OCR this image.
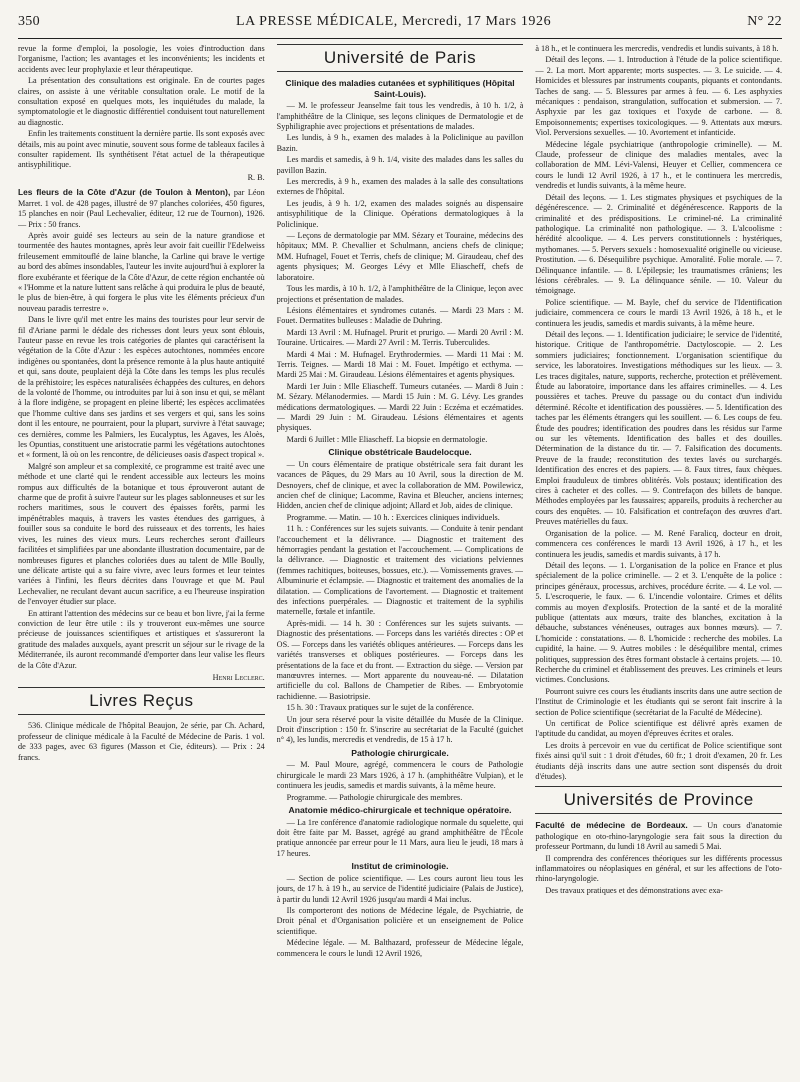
350	LA PRESSE MÉDICALE, Mercredi, 17 Mars 1926	N° 22

revue la forme d'emploi, la posologie, les voies d'introduction dans l'organisme, l'action; les avantages et les inconvénients; les incidents et accidents avec leur prophylaxie et leur thérapeutique.

La présentation des consultations est originale. En de courtes pages claires, on assiste à une véritable consultation orale. Le motif de la consultation exposé en quelques mots, les inquiétudes du malade, la symptomatologie et le diagnostic différentiel conduisent tout naturellement au diagnostic.

Enfin les traitements constituent la dernière partie. Ils sont exposés avec détails, mis au point avec minutie, souvent sous forme de tableaux faciles à consulter rapidement. Ils synthétisent l'état actuel de la thérapeutique antisyphilitique.

R. B.

Les fleurs de la Côte d'Azur (de Toulon à Menton), par Léon Marret. 1 vol. de 428 pages, illustré de 97 planches coloriées, 450 figures, 15 planches en noir (Paul Lechevalier, éditeur, 12 rue de Tournon), 1926. — Prix : 50 francs.

Après avoir guidé ses lecteurs au sein de la nature grandiose et tourmentée des hautes montagnes, après leur avoir fait cueillir l'Edelweiss frileusement emmitouflé de laine blanche, la Carline qui brave le vertige au bord des abîmes insondables, l'auteur les invite aujourd'hui à explorer la flore exubérante et féerique de la Côte d'Azur, de cette région enchantée où « l'Homme et la nature luttent sans relâche à qui produira le plus de beauté, le plus de bien-être, à qui forgera le plus vite les éléments précieux d'un nouveau paradis terrestre ».

Dans le livre qu'il met entre les mains des touristes pour leur servir de fil d'Ariane parmi le dédale des richesses dont leurs yeux sont éblouis, l'auteur passe en revue les trois catégories de plantes qui caractérisent la végétation de la Côte d'Azur : les espèces autochtones, nommées encore indigènes ou spontanées, dont la présence remonte à la plus haute antiquité et qui, sans doute, peuplaient déjà la Côte dans les temps les plus reculés de la préhistoire; les espèces naturalisées échappées des cultures, en dehors de la volonté de l'homme, ou introduites par lui à son insu et qui, se mêlant à la flore indigène, se propagent en pleine liberté; les espèces acclimatées que l'homme cultive dans ses jardins et ses vergers et qui, sans les soins dont il les entoure, ne pourraient, pour la plupart, survivre à l'état sauvage; ces dernières, comme les Palmiers, les Eucalyptus, les Agaves, les Aloès, les Opuntias, constituent une aristocratie parmi les végétations autochtones et « forment, là où on les rencontre, de délicieuses oasis d'aspect tropical ».

Malgré son ampleur et sa complexité, ce programme est traité avec une méthode et une clarté qui le rendent accessible aux lecteurs les moins rompus aux difficultés de la botanique et tous éprouveront autant de charme que de profit à suivre l'auteur sur les plages sablonneuses et sur les rochers maritimes, sous le couvert des épaisses forêts, parmi les impénétrables maquis, à travers les vastes étendues des garrigues, à fouiller sous sa conduite le bord des ruisseaux et des torrents, les haies vives, les ruines des vieux murs. Leurs recherches seront d'ailleurs facilitées et simplifiées par une abondante illustration documentaire, par de nombreuses figures et planches coloriées dues au talent de Mlle Boully, une délicate artiste qui a su faire vivre, avec leurs formes et leur teintes variées à l'infini, les fleurs décrites dans l'ouvrage et que M. Paul Lechevalier, ne reculant devant aucun sacrifice, a eu l'heureuse inspiration de l'envoyer étudier sur place.

En attirant l'attention des médecins sur ce beau et bon livre, j'ai la ferme conviction de leur être utile : ils y trouveront eux-mêmes une source précieuse de jouissances scientifiques et artistiques et s'assureront la gratitude des malades auxquels, ayant prescrit un séjour sur le rivage de la Méditerranée, ils auront recommandé d'emporter dans leur valise les fleurs de la Côte d'Azur.

Henri Leclerc.
Livres Reçus

536. Clinique médicale de l'hôpital Beaujon, 2e série, par Ch. Achard, professeur de clinique médicale à la Faculté de Médecine de Paris. 1 vol. de 333 pages, avec 63 figures (Masson et Cie, éditeurs). — Prix : 24 francs.

Université de Paris
Clinique des maladies cutanées et syphilitiques (Hôpital Saint-Louis).

— M. le professeur Jeanselme fait tous les vendredis, à 10 h. 1/2, à l'amphithéâtre de la Clinique, ses leçons cliniques de Dermatologie et de Syphiligraphie avec projections et présentations de malades.

Les lundis, à 9 h., examen des malades à la Policlinique au pavillon Bazin.

Les mardis et samedis, à 9 h. 1/4, visite des malades dans les salles du pavillon Bazin.

Les mercredis, à 9 h., examen des malades à la salle des consultations externes de l'hôpital.

Les jeudis, à 9 h. 1/2, examen des malades soignés au dispensaire antisyphilitique de la Clinique. Opérations dermatologiques à la Policlinique.

— Leçons de dermatologie par MM. Sézary et Touraine, médecins des hôpitaux; MM. P. Chevallier et Schulmann, anciens chefs de clinique; MM. Hufnagel, Fouet et Terris, chefs de clinique; M. Giraudeau, chef des agents physiques; M. Georges Lévy et Mlle Eliascheff, chefs de laboratoire.

Tous les mardis, à 10 h. 1/2, à l'amphithéâtre de la Clinique, leçon avec projections et présentation de malades.

Lésions élémentaires et syndromes cutanés. — Mardi 23 Mars : M. Fouet. Dermatites bulleuses : Maladie de Duhring.

Mardi 13 Avril : M. Hufnagel. Prurit et prurigo. — Mardi 20 Avril : M. Touraine. Urticaires. — Mardi 27 Avril : M. Terris. Tuberculides.

Mardi 4 Mai : M. Hufnagel. Erythrodermies. — Mardi 11 Mai : M. Terris. Teignes. — Mardi 18 Mai : M. Fouet. Impétigo et ecthyma. — Mardi 25 Mai : M. Giraudeau. Lésions élémentaires et agents physiques.

Mardi 1er Juin : Mlle Eliascheff. Tumeurs cutanées. — Mardi 8 Juin : M. Sézary. Mélanodermies. — Mardi 15 Juin : M. G. Lévy. Les grandes médications dermatologiques. — Mardi 22 Juin : Eczéma et eczématides. — Mardi 29 Juin : M. Giraudeau. Lésions élémentaires et agents physiques.

Mardi 6 Juillet : Mlle Eliascheff. La biopsie en dermatologie.

Clinique obstétricale Baudelocque.

— Un cours élémentaire de pratique obstétricale sera fait durant les vacances de Pâques, du 29 Mars au 10 Avril, sous la direction de M. Desnoyers, chef de clinique, et avec la collaboration de MM. Powilewicz, ancien chef de clinique; Lacomme, Ravina et Bleucher, anciens internes; Hidden, ancien chef de clinique adjoint; Allard et Job, aides de clinique.

Programme. — Matin. — 10 h. : Exercices cliniques individuels.

11 h. : Conférences sur les sujets suivants. — Conduite à tenir pendant l'accouchement et la délivrance. — Diagnostic et traitement des hémorragies pendant la gestation et l'accouchement. — Complications de la délivrance. — Diagnostic et traitement des viciations pelviennes (femmes rachitiques, boiteuses, bossues, etc.). — Vomissements graves. — Albuminurie et éclampsie. — Diagnostic et traitement des anomalies de la dilatation. — Complications de l'avortement. — Diagnostic et traitement des infections puerpérales. — Diagnostic et traitement de la syphilis maternelle, fœtale et infantile.

Après-midi. — 14 h. 30 : Conférences sur les sujets suivants. — Diagnostic des présentations. — Forceps dans les variétés directes : OP et OS. — Forceps dans les variétés obliques antérieures. — Forceps dans les variétés transverses et obliques postérieures. — Forceps dans les présentations de la face et du front. — Extraction du siège. — Version par manœuvres internes. — Mort apparente du nouveau-né. — Dilatation artificielle du col. Ballons de Champetier de Ribes. — Embryotomie rachidienne. — Basiotripsie.

15 h. 30 : Travaux pratiques sur le sujet de la conférence.

Un jour sera réservé pour la visite détaillée du Musée de la Clinique. Droit d'inscription : 150 fr. S'inscrire au secrétariat de la Faculté (guichet n° 4), les lundis, mercredis et vendredis, de 15 à 17 h.

Pathologie chirurgicale.

— M. Paul Moure, agrégé, commencera le cours de Pathologie chirurgicale le mardi 23 Mars 1926, à 17 h. (amphithéâtre Vulpian), et le continuera les jeudis, samedis et mardis suivants, à la même heure.

Programme. — Pathologie chirurgicale des membres.

Anatomie médico-chirurgicale et technique opératoire.

— La 1re conférence d'anatomie radiologique normale du squelette, qui doit être faite par M. Basset, agrégé au grand amphithéâtre de l'École pratique annoncée par erreur pour le 11 Mars, aura lieu le jeudi, 18 mars à 17 heures.

Institut de criminologie.

— Section de police scientifique. — Les cours auront lieu tous les jours, de 17 h. à 19 h., au service de l'identité judiciaire (Palais de Justice), à partir du lundi 12 Avril 1926 jusqu'au mardi 4 Mai inclus.

Ils comporteront des notions de Médecine légale, de Psychiatrie, de Droit pénal et d'Organisation policière et un enseignement de Police scientifique.

Médecine légale. — M. Balthazard, professeur de Médecine légale, commencera le cours le lundi 12 Avril 1926,

à 18 h., et le continuera les mercredis, vendredis et lundis suivants, à 18 h.

Détail des leçons. — 1. Introduction à l'étude de la police scientifique. — 2. La mort. Mort apparente; morts suspectes. — 3. Le suicide. — 4. Homicides et blessures par instruments coupants, piquants et contondants. Taches de sang. — 5. Blessures par armes à feu. — 6. Les asphyxies mécaniques : pendaison, strangulation, suffocation et submersion. — 7. Asphyxie par les gaz toxiques et l'oxyde de carbone. — 8. Empoisonnements; expertises toxicologiques. — 9. Attentats aux mœurs. Viol. Perversions sexuelles. — 10. Avortement et infanticide.

Médecine légale psychiatrique (anthropologie criminelle). — M. Claude, professeur de clinique des maladies mentales, avec la collaboration de MM. Lévi-Valensi, Heuyer et Cellier, commencera ce cours le lundi 12 Avril 1926, à 17 h., et le continuera les mercredis, vendredis et lundis suivants, à la même heure.

Détail des leçons. — 1. Les stigmates physiques et psychiques de la dégénérescence. — 2. Criminalité et dégénérescence. Rapports de la criminalité et des prédispositions. Le criminel-né. La criminalité pathologique. La criminalité non pathologique. — 3. L'alcoolisme : hérédité alcoolique. — 4. Les pervers constitutionnels : hystériques, mythomanes. — 5. Pervers sexuels : homosexualité originelle ou vicieuse. Prostitution. — 6. Désequilibre psychique. Amoralité. Folie morale. — 7. Délinquance infantile. — 8. L'épilepsie; les traumatismes crâniens; les lésions cérébrales. — 9. La délinquance sénile. — 10. Valeur du témoignage.

Police scientifique. — M. Bayle, chef du service de l'Identification judiciaire, commencera ce cours le mardi 13 Avril 1926, à 18 h., et le continuera les jeudis, samedis et mardis suivants, à la même heure.

Détail des leçons. — 1. Identification judiciaire; le service de l'identité, historique. Critique de l'anthropométrie. Dactyloscopie. — 2. Les sommiers judiciaires; fonctionnement. L'organisation scientifique du service, les laboratoires. Investigations méthodiques sur les lieux. — 3. Les traces digitales, nature, supports, recherche, protection et prélèvement. Étude au laboratoire, importance dans les affaires criminelles. — 4. Les poussières et taches. Preuve du passage ou du contact d'un individu déterminé. Récolte et identification des poussières. — 5. Identification des taches par les éléments étrangers qui les souillent. — 6. Les coups de feu. Étude des poudres; identification des poudres dans les résidus sur l'arme ou sur les vêtements. Identification des balles et des douilles. Détermination de la distance du tir. — 7. Falsification des documents. Preuve de la fraude; reconstitution des textes lavés ou surchargés. Identification des encres et des papiers. — 8. Faux titres, faux chèques. Emploi frauduleux de timbres oblitérés. Vols postaux; identification des cires à cacheter et des colles. — 9. Contrefaçon des billets de banque. Méthodes employées par les faussaires; appareils, produits à rechercher au cours des enquêtes. — 10. Falsification et contrefaçon des œuvres d'art. Preuves matérielles du faux.

Organisation de la police. — M. René Faralicq, docteur en droit, commencera ces conférences le mardi 13 Avril 1926, à 17 h., et les continuera les jeudis, samedis et mardis suivants, à 17 h.

Détail des leçons. — 1. L'organisation de la police en France et plus spécialement de la police criminelle. — 2 et 3. L'enquête de la police : principes généraux, processus, archives, procédure écrite. — 4. Le vol. — 5. L'escroquerie, le faux. — 6. L'incendie volontaire. Crimes et délits commis au moyen d'explosifs. Protection de la santé et de la moralité publique (attentats aux mœurs, traite des blanches, excitation à la débauche, substances vénéneuses, outrages aux bonnes mœurs). — 7. L'homicide : constatations. — 8. L'homicide : recherche des mobiles. La cupidité, la haine. — 9. Autres mobiles : le déséquilibre mental, crimes politiques, suppression des êtres formant obstacle à certains projets. — 10. Recherche du criminel et établissement des preuves. Les criminels et leurs victimes. Conclusions.

Pourront suivre ces cours les étudiants inscrits dans une autre section de l'Institut de Criminologie et les étudiants qui se seront fait inscrire à la section de Police scientifique (secrétariat de la Faculté de Médecine).

Un certificat de Police scientifique est délivré après examen de l'aptitude du candidat, au moyen d'épreuves écrites et orales.

Les droits à percevoir en vue du certificat de Police scientifique sont fixés ainsi qu'il suit : 1 droit d'études, 60 fr.; 1 droit d'examen, 20 fr. Les étudiants déjà inscrits dans une autre section sont dispensés du droit d'études).

Universités de Province

Faculté de médecine de Bordeaux. — Un cours d'anatomie pathologique en oto-rhino-laryngologie sera fait sous la direction du professeur Portmann, du lundi 18 Avril au samedi 5 Mai.

Il comprendra des conférences théoriques sur les différents processus inflammatoires ou néoplasiques en général, et sur les affections de l'oto-rhino-laryngologie.

Des travaux pratiques et des démonstrations avec exa-
